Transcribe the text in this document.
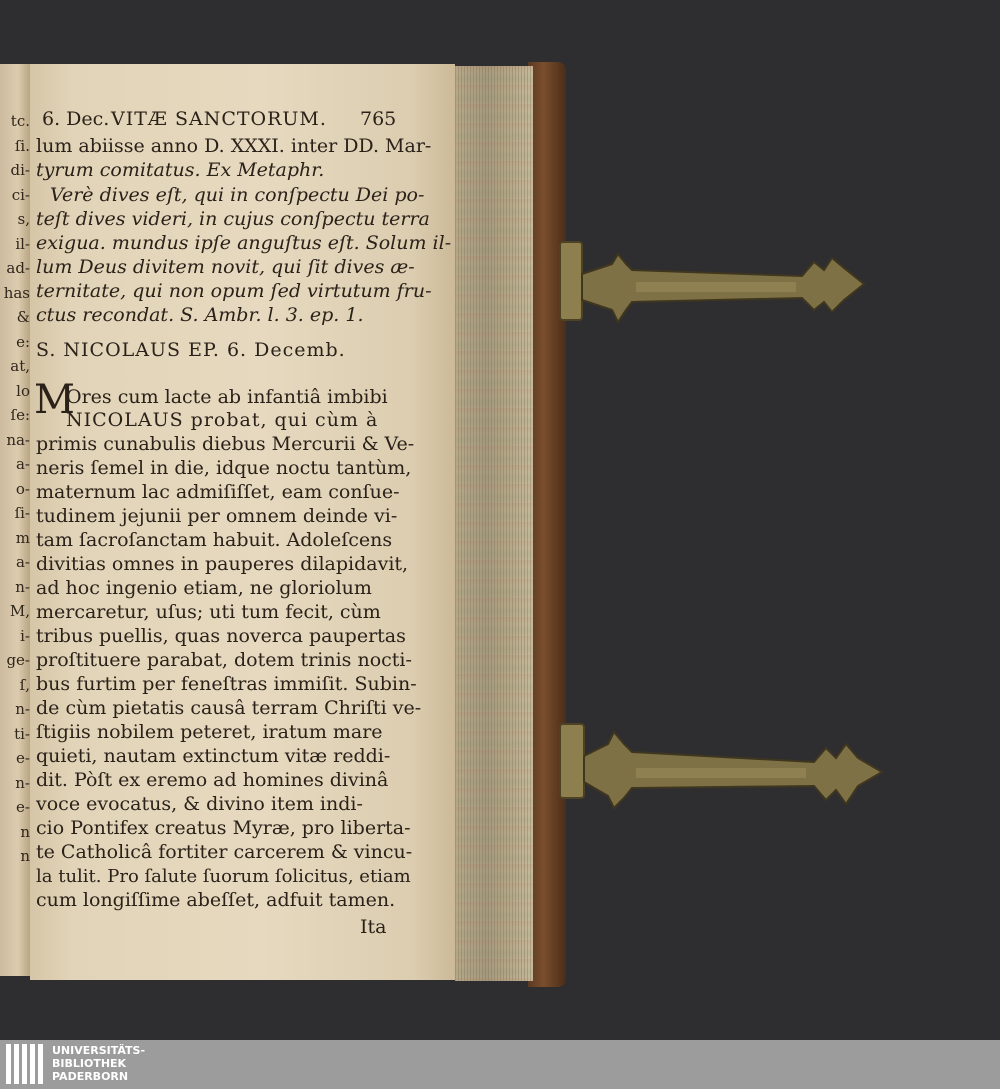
tc.
ſi.
di-
ci-
s,
il-
ad-
has
&
e:
at,
lo
ſe:
na-
a-
o-
ſi-
m
a-
n-
M,
i-
ge-
ſ,
n-
ti-
e-
n-
e-
n
n
6. Dec. VITÆ SANCTORUM. 765
lum abiisse anno D. XXXI. inter DD. Mar-
tyrum comitatus. Ex Metaphr.
Verè dives eſt, qui in conſpectu Dei po-
teſt dives videri, in cujus conſpectu terra
exigua. mundus ipſe anguſtus eſt. Solum il-
lum Deus divitem novit, qui ſit dives æ-
ternitate, qui non opum ſed virtutum fru-
ctus recondat. S. Ambr. l. 3. ep. 1.
S. NICOLAUS EP. 6. Decemb.
M
Ores cum lacte ab infantiâ imbibi
NICOLAUS probat, qui cùm à
primis cunabulis diebus Mercurii & Ve-
neris ſemel in die, idque noctu tantùm,
maternum lac admiſiſſet, eam conſue-
tudinem jejunii per omnem deinde vi-
tam ſacroſanctam habuit. Adoleſcens
divitias omnes in pauperes dilapidavit,
ad hoc ingenio etiam, ne gloriolum
mercaretur, uſus; uti tum fecit, cùm
tribus puellis, quas noverca paupertas
proſtituere parabat, dotem trinis nocti-
bus furtim per feneſtras immiſit. Subin-
de cùm pietatis causâ terram Chriſti ve-
ſtigiis nobilem peteret, iratum mare
quieti, nautam extinctum vitæ reddi-
dit. Pòſt ex eremo ad homines divinâ
voce evocatus, & divino item indi-
cio Pontifex creatus Myræ, pro liberta-
te Catholicâ fortiter carcerem & vincu-
la tulit. Pro ſalute ſuorum ſolicitus, etiam
cum longiſſime abeſſet, adfuit tamen.
Ita
UNIVERSITÄTS-
BIBLIOTHEK
PADERBORN
